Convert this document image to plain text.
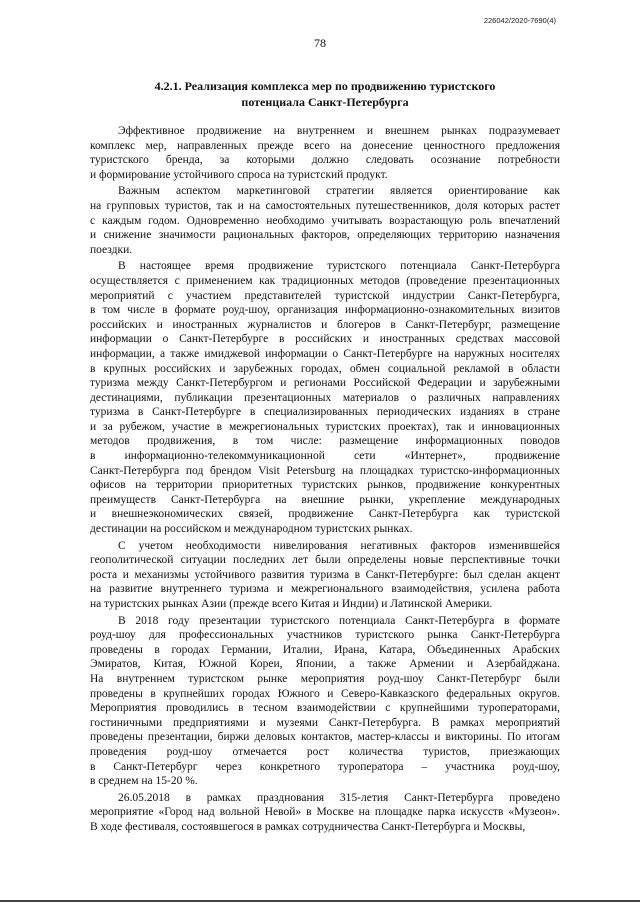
226042/2020-7690(4)
78
4.2.1. Реализация комплекса мер по продвижению туристского
потенциала Санкт-Петербурга
Эффективное продвижение на внутреннем и внешнем рынках подразумевает
комплекс мер, направленных прежде всего на донесение ценностного предложения
туристского бренда, за которыми должно следовать осознание потребности
и формирование устойчивого спроса на туристский продукт.
Важным аспектом маркетинговой стратегии является ориентирование как
на групповых туристов, так и на самостоятельных путешественников, доля которых растет
с каждым годом. Одновременно необходимо учитывать возрастающую роль впечатлений
и снижение значимости рациональных факторов, определяющих территорию назначения
поездки.
В настоящее время продвижение туристского потенциала Санкт-Петербурга
осуществляется с применением как традиционных методов (проведение презентационных
мероприятий с участием представителей туристской индустрии Санкт-Петербурга,
в том числе в формате роуд-шоу, организация информационно-ознакомительных визитов
российских и иностранных журналистов и блогеров в Санкт-Петербург, размещение
информации о Санкт-Петербурге в российских и иностранных средствах массовой
информации, а также имиджевой информации о Санкт-Петербурге на наружных носителях
в крупных российских и зарубежных городах, обмен социальной рекламой в области
туризма между Санкт-Петербургом и регионами Российской Федерации и зарубежными
дестинациями, публикации презентационных материалов о различных направлениях
туризма в Санкт-Петербурге в специализированных периодических изданиях в стране
и за рубежом, участие в межрегиональных туристских проектах), так и инновационных
методов продвижения, в том числе: размещение информационных поводов
в информационно-телекоммуникационной сети «Интернет», продвижение
Санкт-Петербурга под брендом Visit Petersburg на площадках туристско-информационных
офисов на территории приоритетных туристских рынков, продвижение конкурентных
преимуществ Санкт-Петербурга на внешние рынки, укрепление международных
и внешнеэкономических связей, продвижение Санкт-Петербурга как туристской
дестинации на российском и международном туристских рынках.
С учетом необходимости нивелирования негативных факторов изменившейся
геополитической ситуации последних лет были определены новые перспективные точки
роста и механизмы устойчивого развития туризма в Санкт-Петербурге: был сделан акцент
на развитие внутреннего туризма и межрегионального взаимодействия, усилена работа
на туристских рынках Азии (прежде всего Китая и Индии) и Латинской Америки.
В 2018 году презентации туристского потенциала Санкт-Петербурга в формате
роуд-шоу для профессиональных участников туристского рынка Санкт-Петербурга
проведены в городах Германии, Италии, Ирана, Катара, Объединенных Арабских
Эмиратов, Китая, Южной Кореи, Японии, а также Армении и Азербайджана.
На внутреннем туристском рынке мероприятия роуд-шоу Санкт-Петербург были
проведены в крупнейших городах Южного и Северо-Кавказского федеральных округов.
Мероприятия проводились в тесном взаимодействии с крупнейшими туроператорами,
гостиничными предприятиями и музеями Санкт-Петербурга. В рамках мероприятий
проведены презентации, биржи деловых контактов, мастер-классы и викторины. По итогам
проведения роуд-шоу отмечается рост количества туристов, приезжающих
в Санкт-Петербург через конкретного туроператора – участника роуд-шоу,
в среднем на 15-20 %.
26.05.2018 в рамках празднования 315-летия Санкт-Петербурга проведено
мероприятие «Город над вольной Невой» в Москве на площадке парка искусств «Музеон».
В ходе фестиваля, состоявшегося в рамках сотрудничества Санкт-Петербурга и Москвы,
